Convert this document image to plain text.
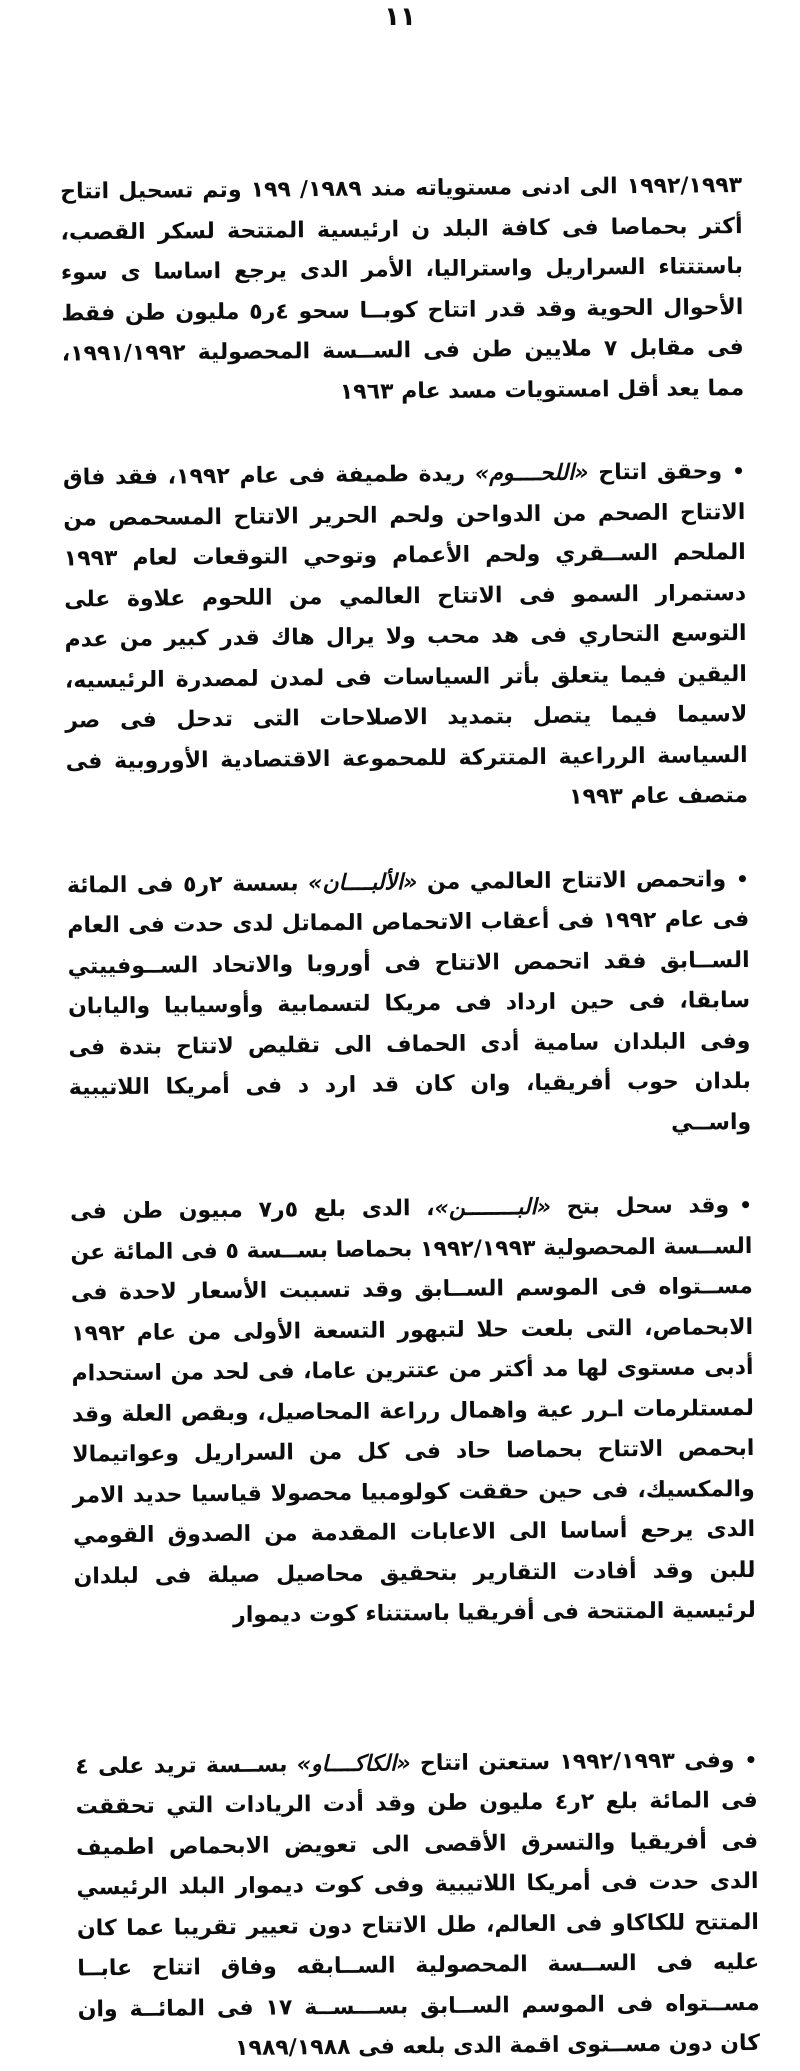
١١

١٩٩٢/١٩٩٣ الى ادنى مستوياته مند ١٩٨٩/ ١٩٩ وتم تسحيل اتتاح أكتر بحماصا فى كافة البلد ن ارئيسية المتتحة لسكر القصب، باستتتاء السراريل واستراليا، الأمر الدى يرجع اساسا ى سوء الأحوال الحوية وقد قدر اتتاح كوبــا سحو ٤ر٥ مليون طن فقط فى مقابل ٧ ملايين طن فى الســسة المحصولية ١٩٩١/١٩٩٢، مما يعد أقل امستويات مسد عام ١٩٦٣

•وحقق اتتاح «اللحــــوم» ريدة طميفة فى عام ١٩٩٢، فقد فاق الاتتاح الصحم من الدواحن ولحم الحرير الاتتاح المسحمص من الملحم الســقري ولحم الأعمام وتوحي التوقعات لعام ١٩٩٣ دستمرار السمو فى الاتتاح العالمي من اللحوم علاوة على التوسع التحاري فى هد محب ولا يرال هاك قدر كبير من عدم اليقين فيما يتعلق بأتر السياسات فى لمدن لمصدرة الرئيسيه، لاسيما فيما يتصل بتمديد الاصلاحات التى تدحل فى صر السياسة الرراعية المتتركة للمحموعة الاقتصادية الأوروبية فى متصف عام ١٩٩٣

•واتحمص الاتتاح العالمي من «الألبــــان» بسسة ٢ر٥ فى المائة فى عام ١٩٩٢ فى أعقاب الاتحماص المماتل لدى حدت فى العام الســابق فقد اتحمص الاتتاح فى أوروبا والاتحاد الســوفييتي سابقا، فى حين ارداد فى مريكا لتسمابية وأوسيابيا واليابان وفى البلدان سامية أدى الحماف الى تقليص لاتتاح بتدة فى بلدان حوب أفريقيا، وان كان قد ارد د فى أمريكا اللاتيبية واســي

•وقد سحل بتح «البــــــــن»، الدى بلع ٥ر٧ مبيون طن فى الســسة المحصولية ١٩٩٢/١٩٩٣ بحماصا بســسة ٥ فى المائة عن مســتواه فى الموسم الســابق وقد تسببت الأسعار لاحدة فى الابحماص، التى بلعت حلا لتبهور التسعة الأولى من عام ١٩٩٢ أدبى مستوى لها مد أكتر من عتترين عاما، فى لحد من استحدام لمستلرمات اـرر عية واهمال رراعة المحاصيل، وبقص العلة وقد ابحمص الاتتاح بحماصا حاد فى كل من السراريل وعواتيمالا والمكسيك، فى حين حققت كولومبيا محصولا قياسيا حديد الامر الدى يرحع أساسا الى الاعابات المقدمة من الصدوق القومي للبن وقد أفادت التقارير بتحقيق محاصيل صيلة فى لبلدان لرئيسية المتتحة فى أفريقيا باستتناء كوت ديموار

•وفى ١٩٩٢/١٩٩٣ ستعتن اتتاح «الكاكــــاو» بســسة تريد على ٤ فى المائة بلع ٢ر٤ مليون طن وقد أدت الريادات التي تحققت فى أفريقيا والتسرق الأقصى الى تعويض الابحماص اطميف الدى حدت فى أمريكا اللاتيبية وفى كوت ديموار البلد الرئيسي المتتح للكاكاو فى العالم، طل الاتتاح دون تعيير تقريبا عما كان عليه فى الســسة المحصولية الســابقه وفاق اتتاح عابــا مســتواه فى الموسم الســابق بســـســة ١٧ فى المائــة وان كان دون مســتوى اقمة الدى بلعه فى ١٩٨٩/١٩٨٨
